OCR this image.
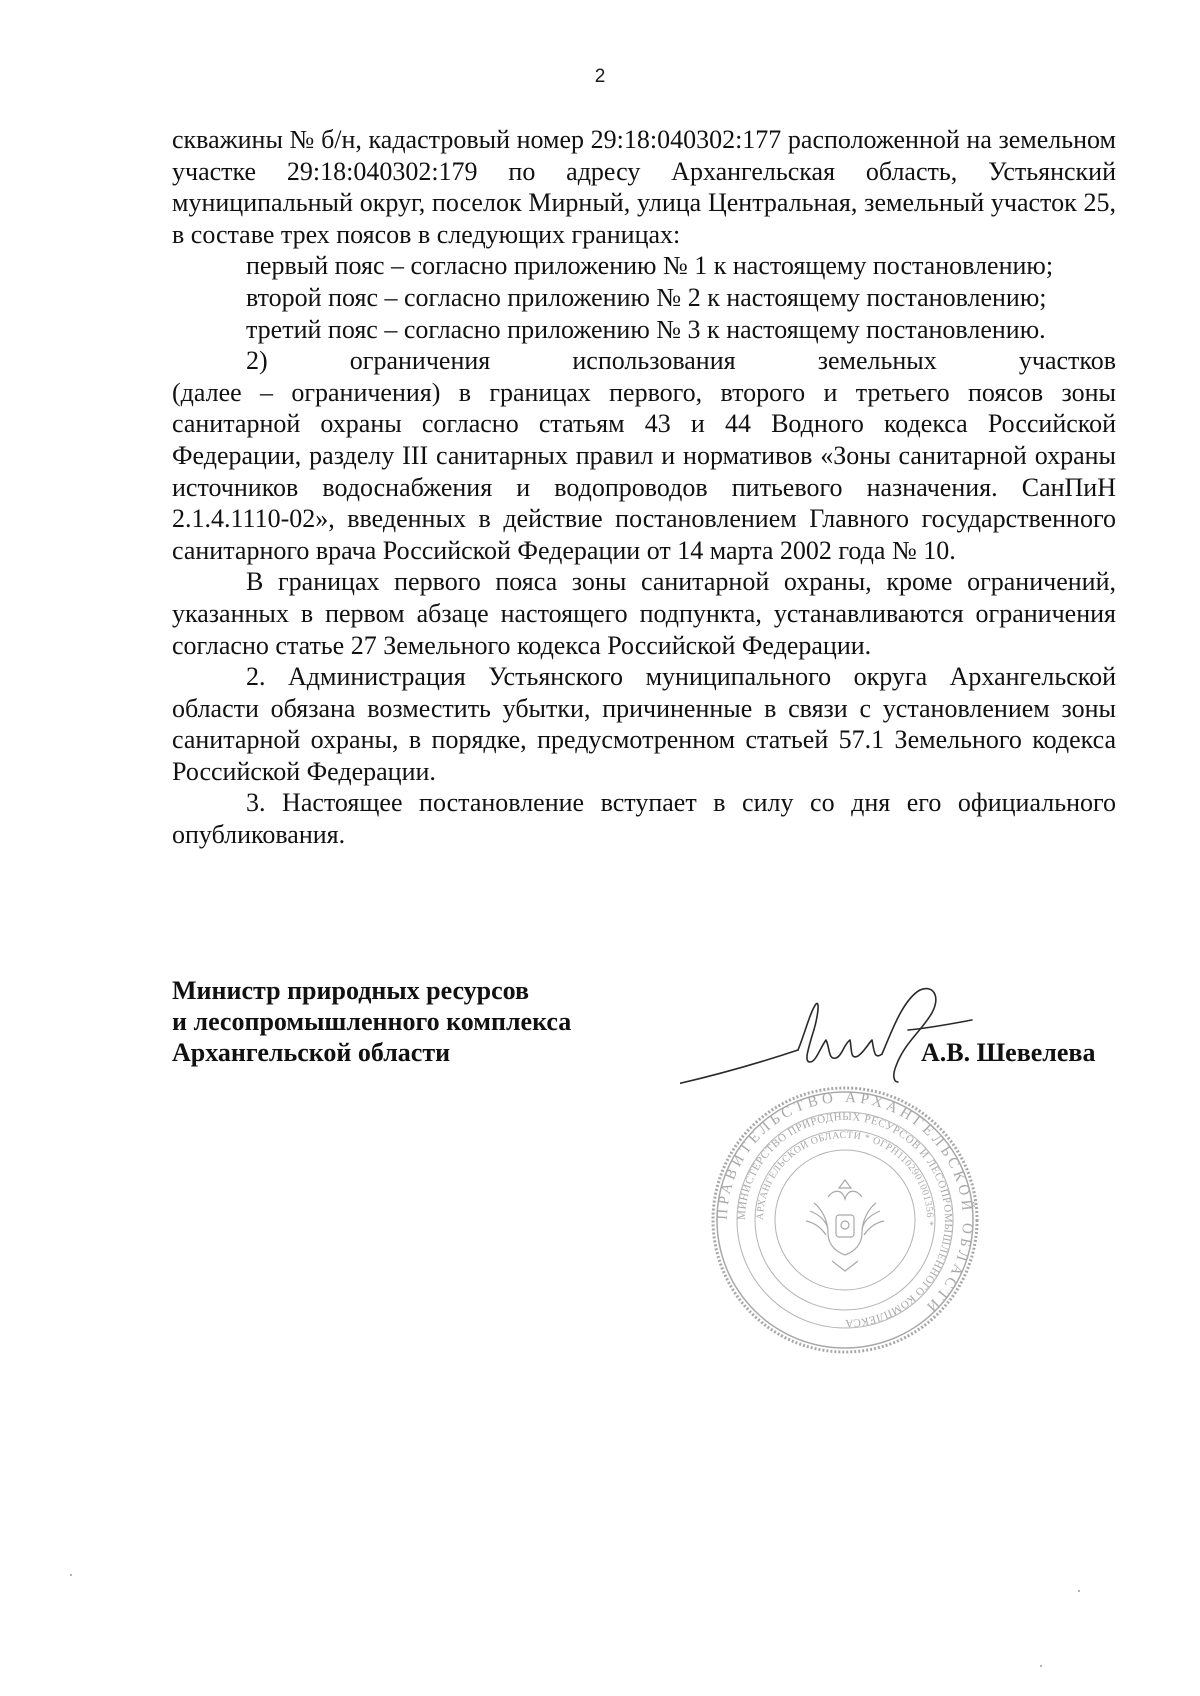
2

скважины № б/н, кадастровый номер 29:18:040302:177 расположенной на земельном участке 29:18:040302:179 по адресу Архангельская область, Устьянский муниципальный округ, поселок Мирный, улица Центральная, земельный участок 25, в составе трех поясов в следующих границах:

первый пояс – согласно приложению № 1 к настоящему постановлению;

второй пояс – согласно приложению № 2 к настоящему постановлению;

третий пояс – согласно приложению № 3 к настоящему постановлению.

2) ограничения использования земельных участков

(далее – ограничения) в границах первого, второго и третьего поясов зоны санитарной охраны согласно статьям 43 и 44 Водного кодекса Российской Федерации, разделу III санитарных правил и нормативов «Зоны санитарной охраны источников водоснабжения и водопроводов питьевого назначения. СанПиН 2.1.4.1110-02», введенных в действие постановлением Главного государственного санитарного врача Российской Федерации от 14 марта 2002 года № 10.

В границах первого пояса зоны санитарной охраны, кроме ограничений, указанных в первом абзаце настоящего подпункта, устанавливаются ограничения согласно статье 27 Земельного кодекса Российской Федерации.

2. Администрация Устьянского муниципального округа Архангельской области обязана возместить убытки, причиненные в связи с установлением зоны санитарной охраны, в порядке, предусмотренном статьей 57.1 Земельного кодекса Российской Федерации.

3. Настоящее постановление вступает в силу со дня его официального опубликования.

Министр природных ресурсов
и лесопромышленного комплекса
Архангельской области	А.В. Шевелева
ПРАВИТЕЛЬСТВО АРХАНГЕЛЬСКОЙ ОБЛАСТИ
МИНИСТЕРСТВО ПРИРОДНЫХ РЕСУРСОВ И ЛЕСОПРОМЫШЛЕННОГО КОМПЛЕКСА
АРХАНГЕЛЬСКОЙ ОБЛАСТИ * ОГРН1102901001356 *
